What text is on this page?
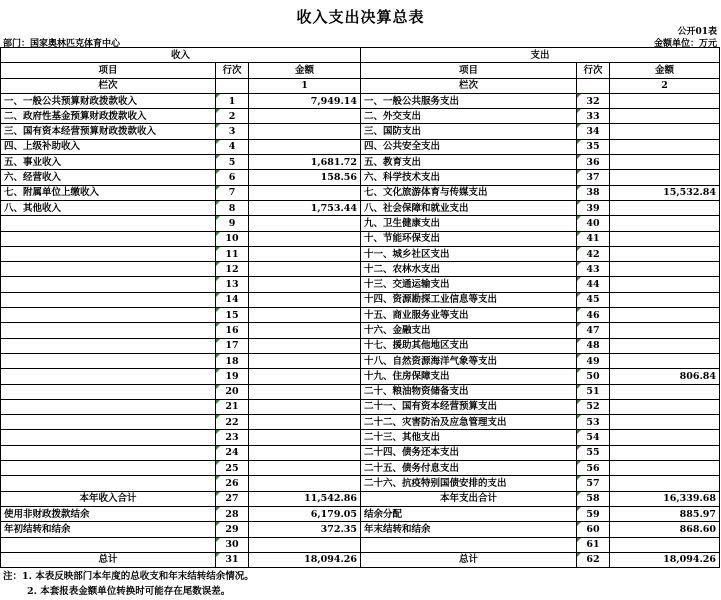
收入支出决算总表
公开01表
部门：国家奥林匹克体育中心	金额单位：万元
收入			支出		
项目	行次	金额	项目	行次	金额
栏次		1	栏次		2
一、一般公共预算财政拨款收入	1	7,949.14	一、一般公共服务支出	32	
二、政府性基金预算财政拨款收入	2		二、外交支出	33	
三、国有资本经营预算财政拨款收入	3		三、国防支出	34	
四、上级补助收入	4		四、公共安全支出	35	
五、事业收入	5	1,681.72	五、教育支出	36	
六、经营收入	6	158.56	六、科学技术支出	37	
七、附属单位上缴收入	7		七、文化旅游体育与传媒支出	38	15,532.84
八、其他收入	8	1,753.44	八、社会保障和就业支出	39	
	9		九、卫生健康支出	40	
	10		十、节能环保支出	41	
	11		十一、城乡社区支出	42	
	12		十二、农林水支出	43	
	13		十三、交通运输支出	44	
	14		十四、资源勘探工业信息等支出	45	
	15		十五、商业服务业等支出	46	
	16		十六、金融支出	47	
	17		十七、援助其他地区支出	48	
	18		十八、自然资源海洋气象等支出	49	
	19		十九、住房保障支出	50	806.84
	20		二十、粮油物资储备支出	51	
	21		二十一、国有资本经营预算支出	52	
	22		二十二、灾害防治及应急管理支出	53	
	23		二十三、其他支出	54	
	24		二十四、债务还本支出	55	
	25		二十五、债务付息支出	56	
	26		二十六、抗疫特别国债安排的支出	57	
本年收入合计	27	11,542.86	本年支出合计	58	16,339.68
使用非财政拨款结余	28	6,179.05	结余分配	59	885.97
年初结转和结余	29	372.35	年末结转和结余	60	868.60
	30			61	
总计	31	18,094.26	总计	62	18,094.26
注：1. 本表反映部门本年度的总收支和年末结转结余情况。
2. 本套报表金额单位转换时可能存在尾数误差。
